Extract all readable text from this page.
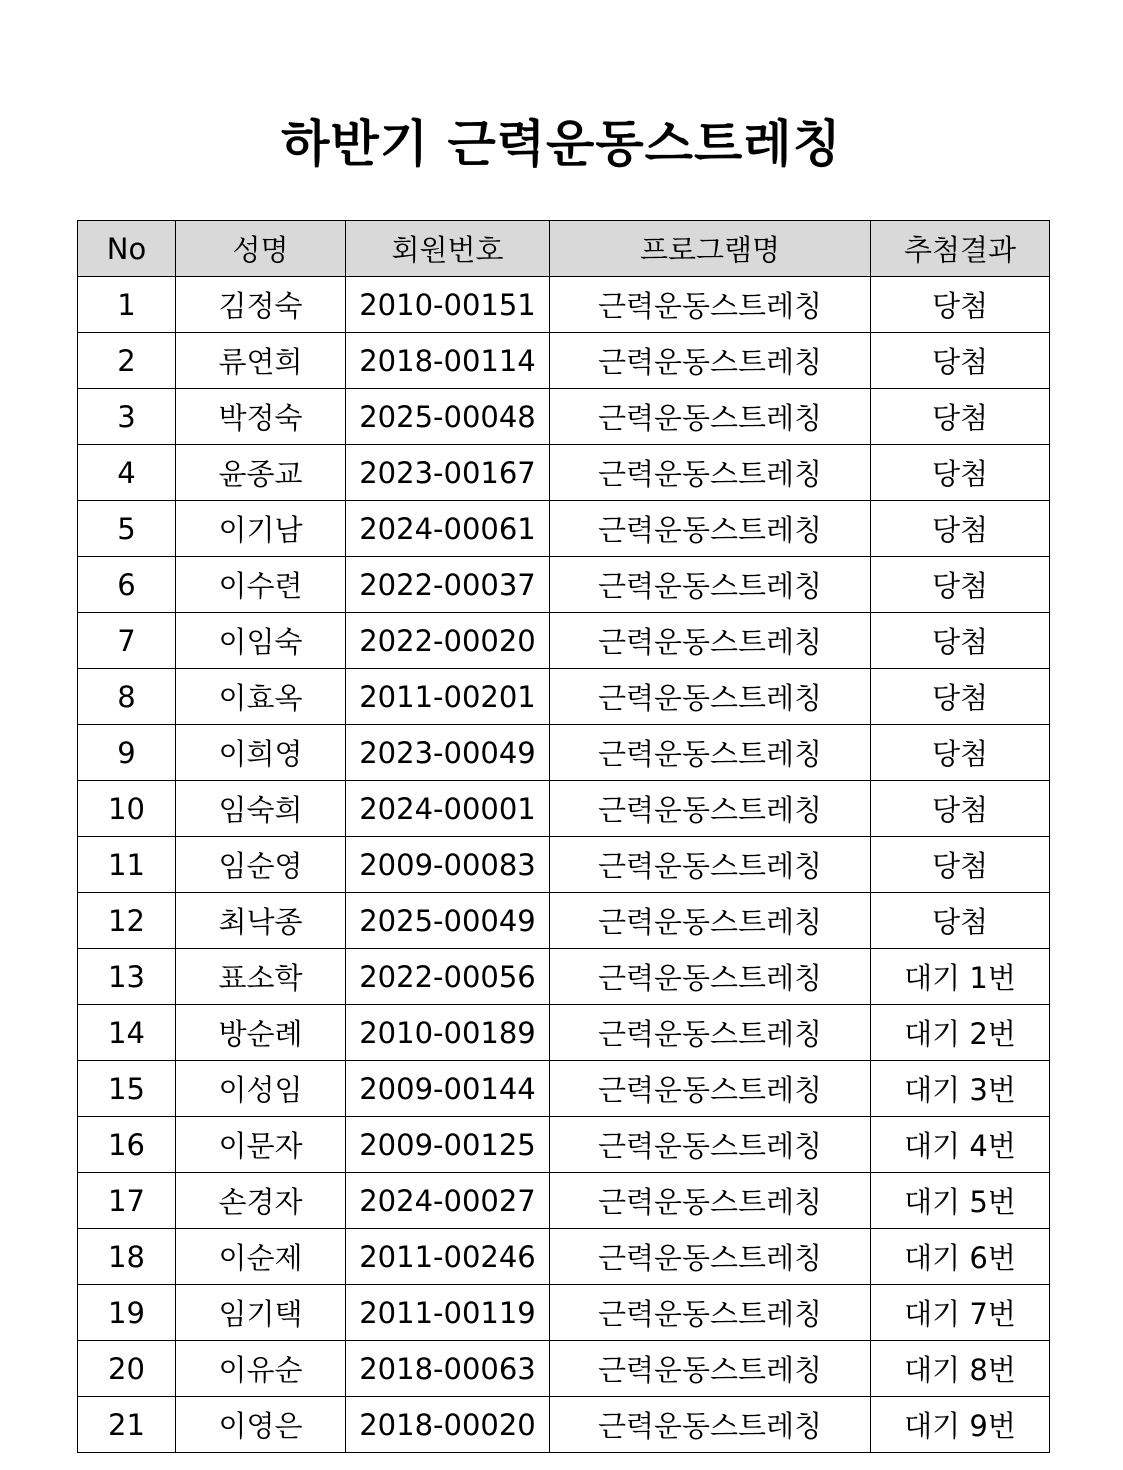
하반기 근력운동스트레칭
No	성명	회원번호	프로그램명	추첨결과
1	김정숙	2010-00151	근력운동스트레칭	당첨
2	류연희	2018-00114	근력운동스트레칭	당첨
3	박정숙	2025-00048	근력운동스트레칭	당첨
4	윤종교	2023-00167	근력운동스트레칭	당첨
5	이기남	2024-00061	근력운동스트레칭	당첨
6	이수련	2022-00037	근력운동스트레칭	당첨
7	이임숙	2022-00020	근력운동스트레칭	당첨
8	이효옥	2011-00201	근력운동스트레칭	당첨
9	이희영	2023-00049	근력운동스트레칭	당첨
10	임숙희	2024-00001	근력운동스트레칭	당첨
11	임순영	2009-00083	근력운동스트레칭	당첨
12	최낙종	2025-00049	근력운동스트레칭	당첨
13	표소학	2022-00056	근력운동스트레칭	대기 1번
14	방순례	2010-00189	근력운동스트레칭	대기 2번
15	이성임	2009-00144	근력운동스트레칭	대기 3번
16	이문자	2009-00125	근력운동스트레칭	대기 4번
17	손경자	2024-00027	근력운동스트레칭	대기 5번
18	이순제	2011-00246	근력운동스트레칭	대기 6번
19	임기택	2011-00119	근력운동스트레칭	대기 7번
20	이유순	2018-00063	근력운동스트레칭	대기 8번
21	이영은	2018-00020	근력운동스트레칭	대기 9번
